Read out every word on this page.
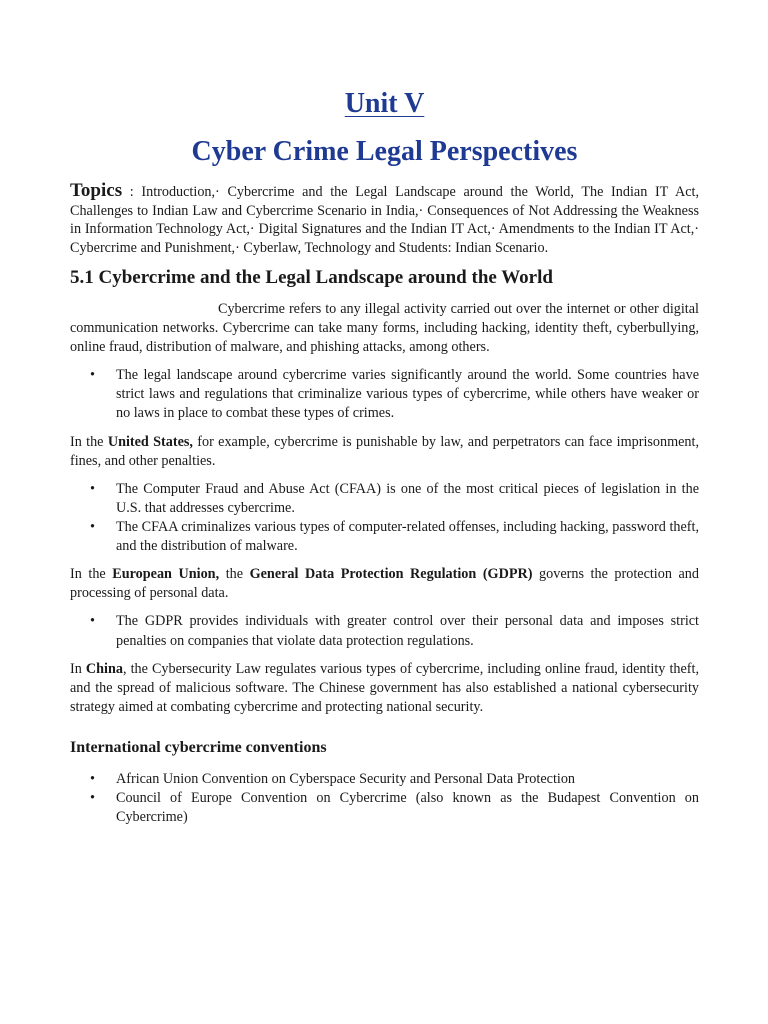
Unit V
Cyber Crime Legal Perspectives

Topics : Introduction,· Cybercrime and the Legal Landscape around the World, The Indian IT Act, Challenges to Indian Law and Cybercrime Scenario in India,· Consequences of Not Addressing the Weakness in Information Technology Act,· Digital Signatures and the Indian IT Act,· Amendments to the Indian IT Act,· Cybercrime and Punishment,· Cyberlaw, Technology and Students: Indian Scenario.

5.1 Cybercrime and the Legal Landscape around the World

Cybercrime refers to any illegal activity carried out over the internet or other digital communication networks. Cybercrime can take many forms, including hacking, identity theft, cyberbullying, online fraud, distribution of malware, and phishing attacks, among others.

• The legal landscape around cybercrime varies significantly around the world. Some countries have strict laws and regulations that criminalize various types of cybercrime, while others have weaker or no laws in place to combat these types of crimes.

In the United States, for example, cybercrime is punishable by law, and perpetrators can face imprisonment, fines, and other penalties.

• The Computer Fraud and Abuse Act (CFAA) is one of the most critical pieces of legislation in the U.S. that addresses cybercrime.
• The CFAA criminalizes various types of computer-related offenses, including hacking, password theft, and the distribution of malware.

In the European Union, the General Data Protection Regulation (GDPR) governs the protection and processing of personal data.

• The GDPR provides individuals with greater control over their personal data and imposes strict penalties on companies that violate data protection regulations.

In China, the Cybersecurity Law regulates various types of cybercrime, including online fraud, identity theft, and the spread of malicious software. The Chinese government has also established a national cybersecurity strategy aimed at combating cybercrime and protecting national security.

International cybercrime conventions
• African Union Convention on Cyberspace Security and Personal Data Protection
• Council of Europe Convention on Cybercrime (also known as the Budapest Convention on Cybercrime)
